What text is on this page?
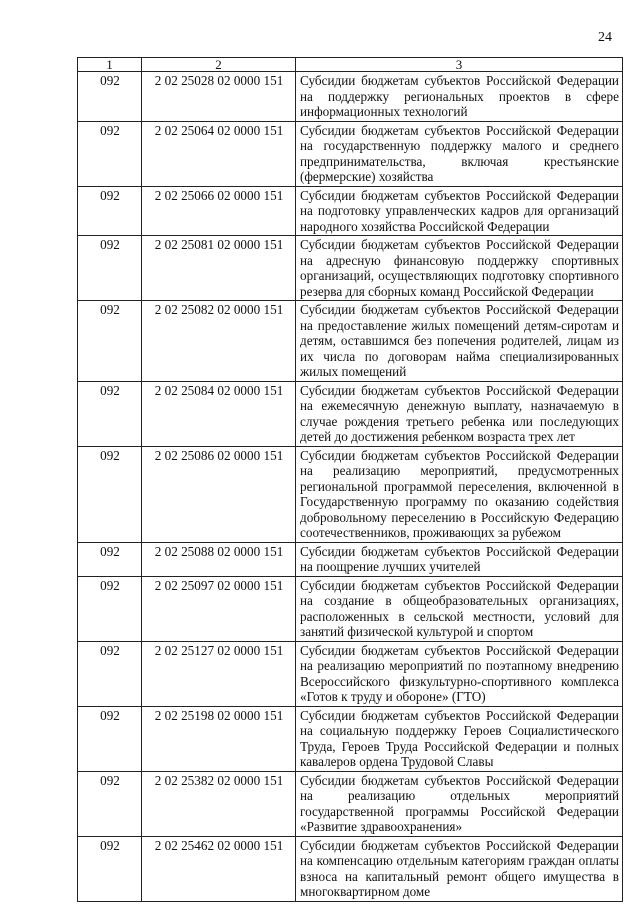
24
1	2	3
092	2 02 25028 02 0000 151	Субсидии бюджетам субъектов Российской Федерации на поддержку региональных проектов в сфере информационных технологий
092	2 02 25064 02 0000 151	Субсидии бюджетам субъектов Российской Федерации на государственную поддержку малого и среднего предпринимательства, включая крестьянские (фермерские) хозяйства
092	2 02 25066 02 0000 151	Субсидии бюджетам субъектов Российской Федерации на подготовку управленческих кадров для организаций народного хозяйства Российской Федерации
092	2 02 25081 02 0000 151	Субсидии бюджетам субъектов Российской Федерации на адресную финансовую поддержку спортивных организаций, осуществляющих подготовку спортивного резерва для сборных команд Российской Федерации
092	2 02 25082 02 0000 151	Субсидии бюджетам субъектов Российской Федерации на предоставление жилых помещений детям-сиротам и детям, оставшимся без попечения родителей, лицам из их числа по договорам найма специализированных жилых помещений
092	2 02 25084 02 0000 151	Субсидии бюджетам субъектов Российской Федерации на ежемесячную денежную выплату, назначаемую в случае рождения третьего ребенка или последующих детей до достижения ребенком возраста трех лет
092	2 02 25086 02 0000 151	Субсидии бюджетам субъектов Российской Федерации на реализацию мероприятий, предусмотренных региональной программой переселения, включенной в Государственную программу по оказанию содействия добровольному переселению в Российскую Федерацию соотечественников, проживающих за рубежом
092	2 02 25088 02 0000 151	Субсидии бюджетам субъектов Российской Федерации на поощрение лучших учителей
092	2 02 25097 02 0000 151	Субсидии бюджетам субъектов Российской Федерации на создание в общеобразовательных организациях, расположенных в сельской местности, условий для занятий физической культурой и спортом
092	2 02 25127 02 0000 151	Субсидии бюджетам субъектов Российской Федерации на реализацию мероприятий по поэтапному внедрению Всероссийского физкультурно-спортивного комплекса «Готов к труду и обороне» (ГТО)
092	2 02 25198 02 0000 151	Субсидии бюджетам субъектов Российской Федерации на социальную поддержку Героев Социалистического Труда, Героев Труда Российской Федерации и полных кавалеров ордена Трудовой Славы
092	2 02 25382 02 0000 151	Субсидии бюджетам субъектов Российской Федерации на реализацию отдельных мероприятий государственной программы Российской Федерации «Развитие здравоохранения»
092	2 02 25462 02 0000 151	Субсидии бюджетам субъектов Российской Федерации на компенсацию отдельным категориям граждан оплаты взноса на капитальный ремонт общего имущества в многоквартирном доме
